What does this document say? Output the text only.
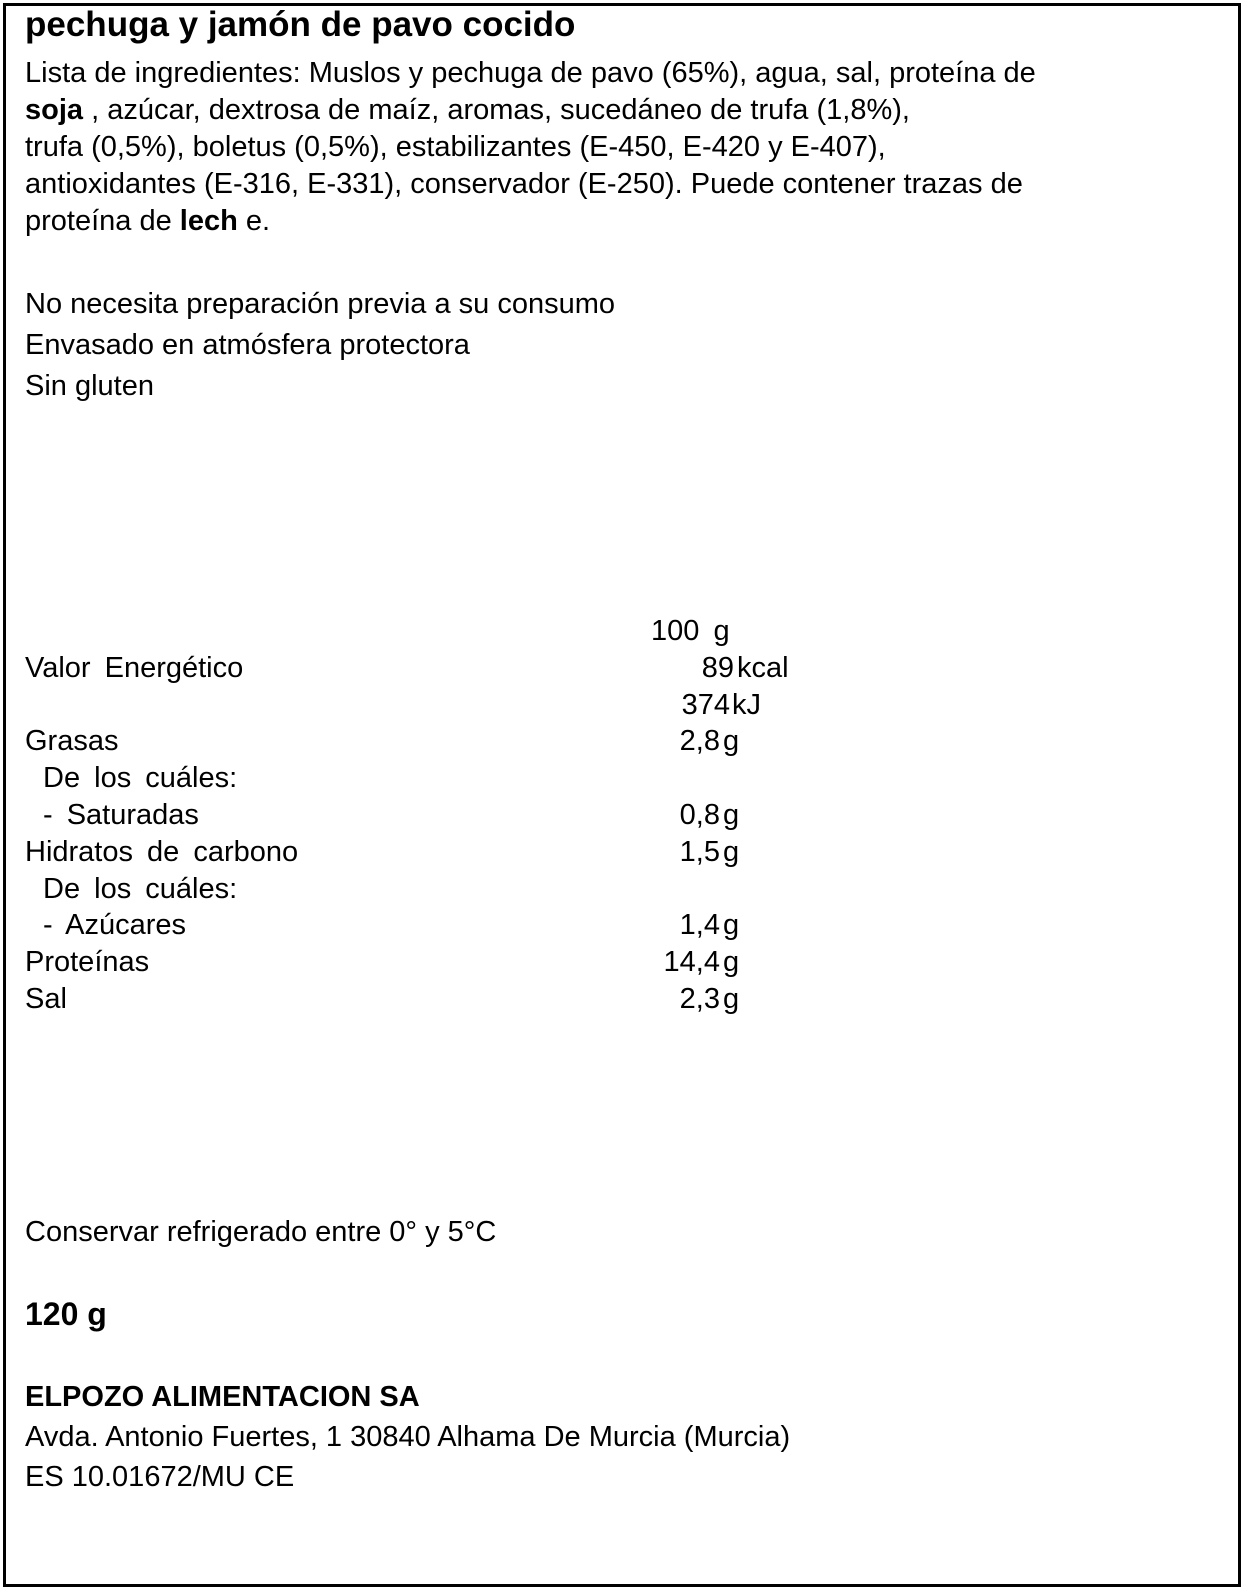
pechuga y jamón de pavo cocido
Lista de ingredientes: Muslos y pechuga de pavo (65%), agua, sal, proteína de
soja , azúcar, dextrosa de maíz, aromas, sucedáneo de trufa (1,8%),
trufa (0,5%), boletus (0,5%), estabilizantes (E-450, E-420 y E-407),
antioxidantes (E-316, E-331), conservador (E-250). Puede contener trazas de
proteína de lech e.
No necesita preparación previa a su consumo
Envasado en atmósfera protectora
Sin gluten
100 g
Valor Energético	89 kcal
374 kJ
Grasas	2,8 g
De los cuáles:
- Saturadas	0,8 g
Hidratos de carbono	1,5 g
De los cuáles:
- Azúcares	1,4 g
Proteínas	14,4 g
Sal	2,3 g
Conservar refrigerado entre 0° y 5°C
120 g
ELPOZO ALIMENTACION SA
Avda. Antonio Fuertes, 1 30840 Alhama De Murcia (Murcia)
ES 10.01672/MU CE
